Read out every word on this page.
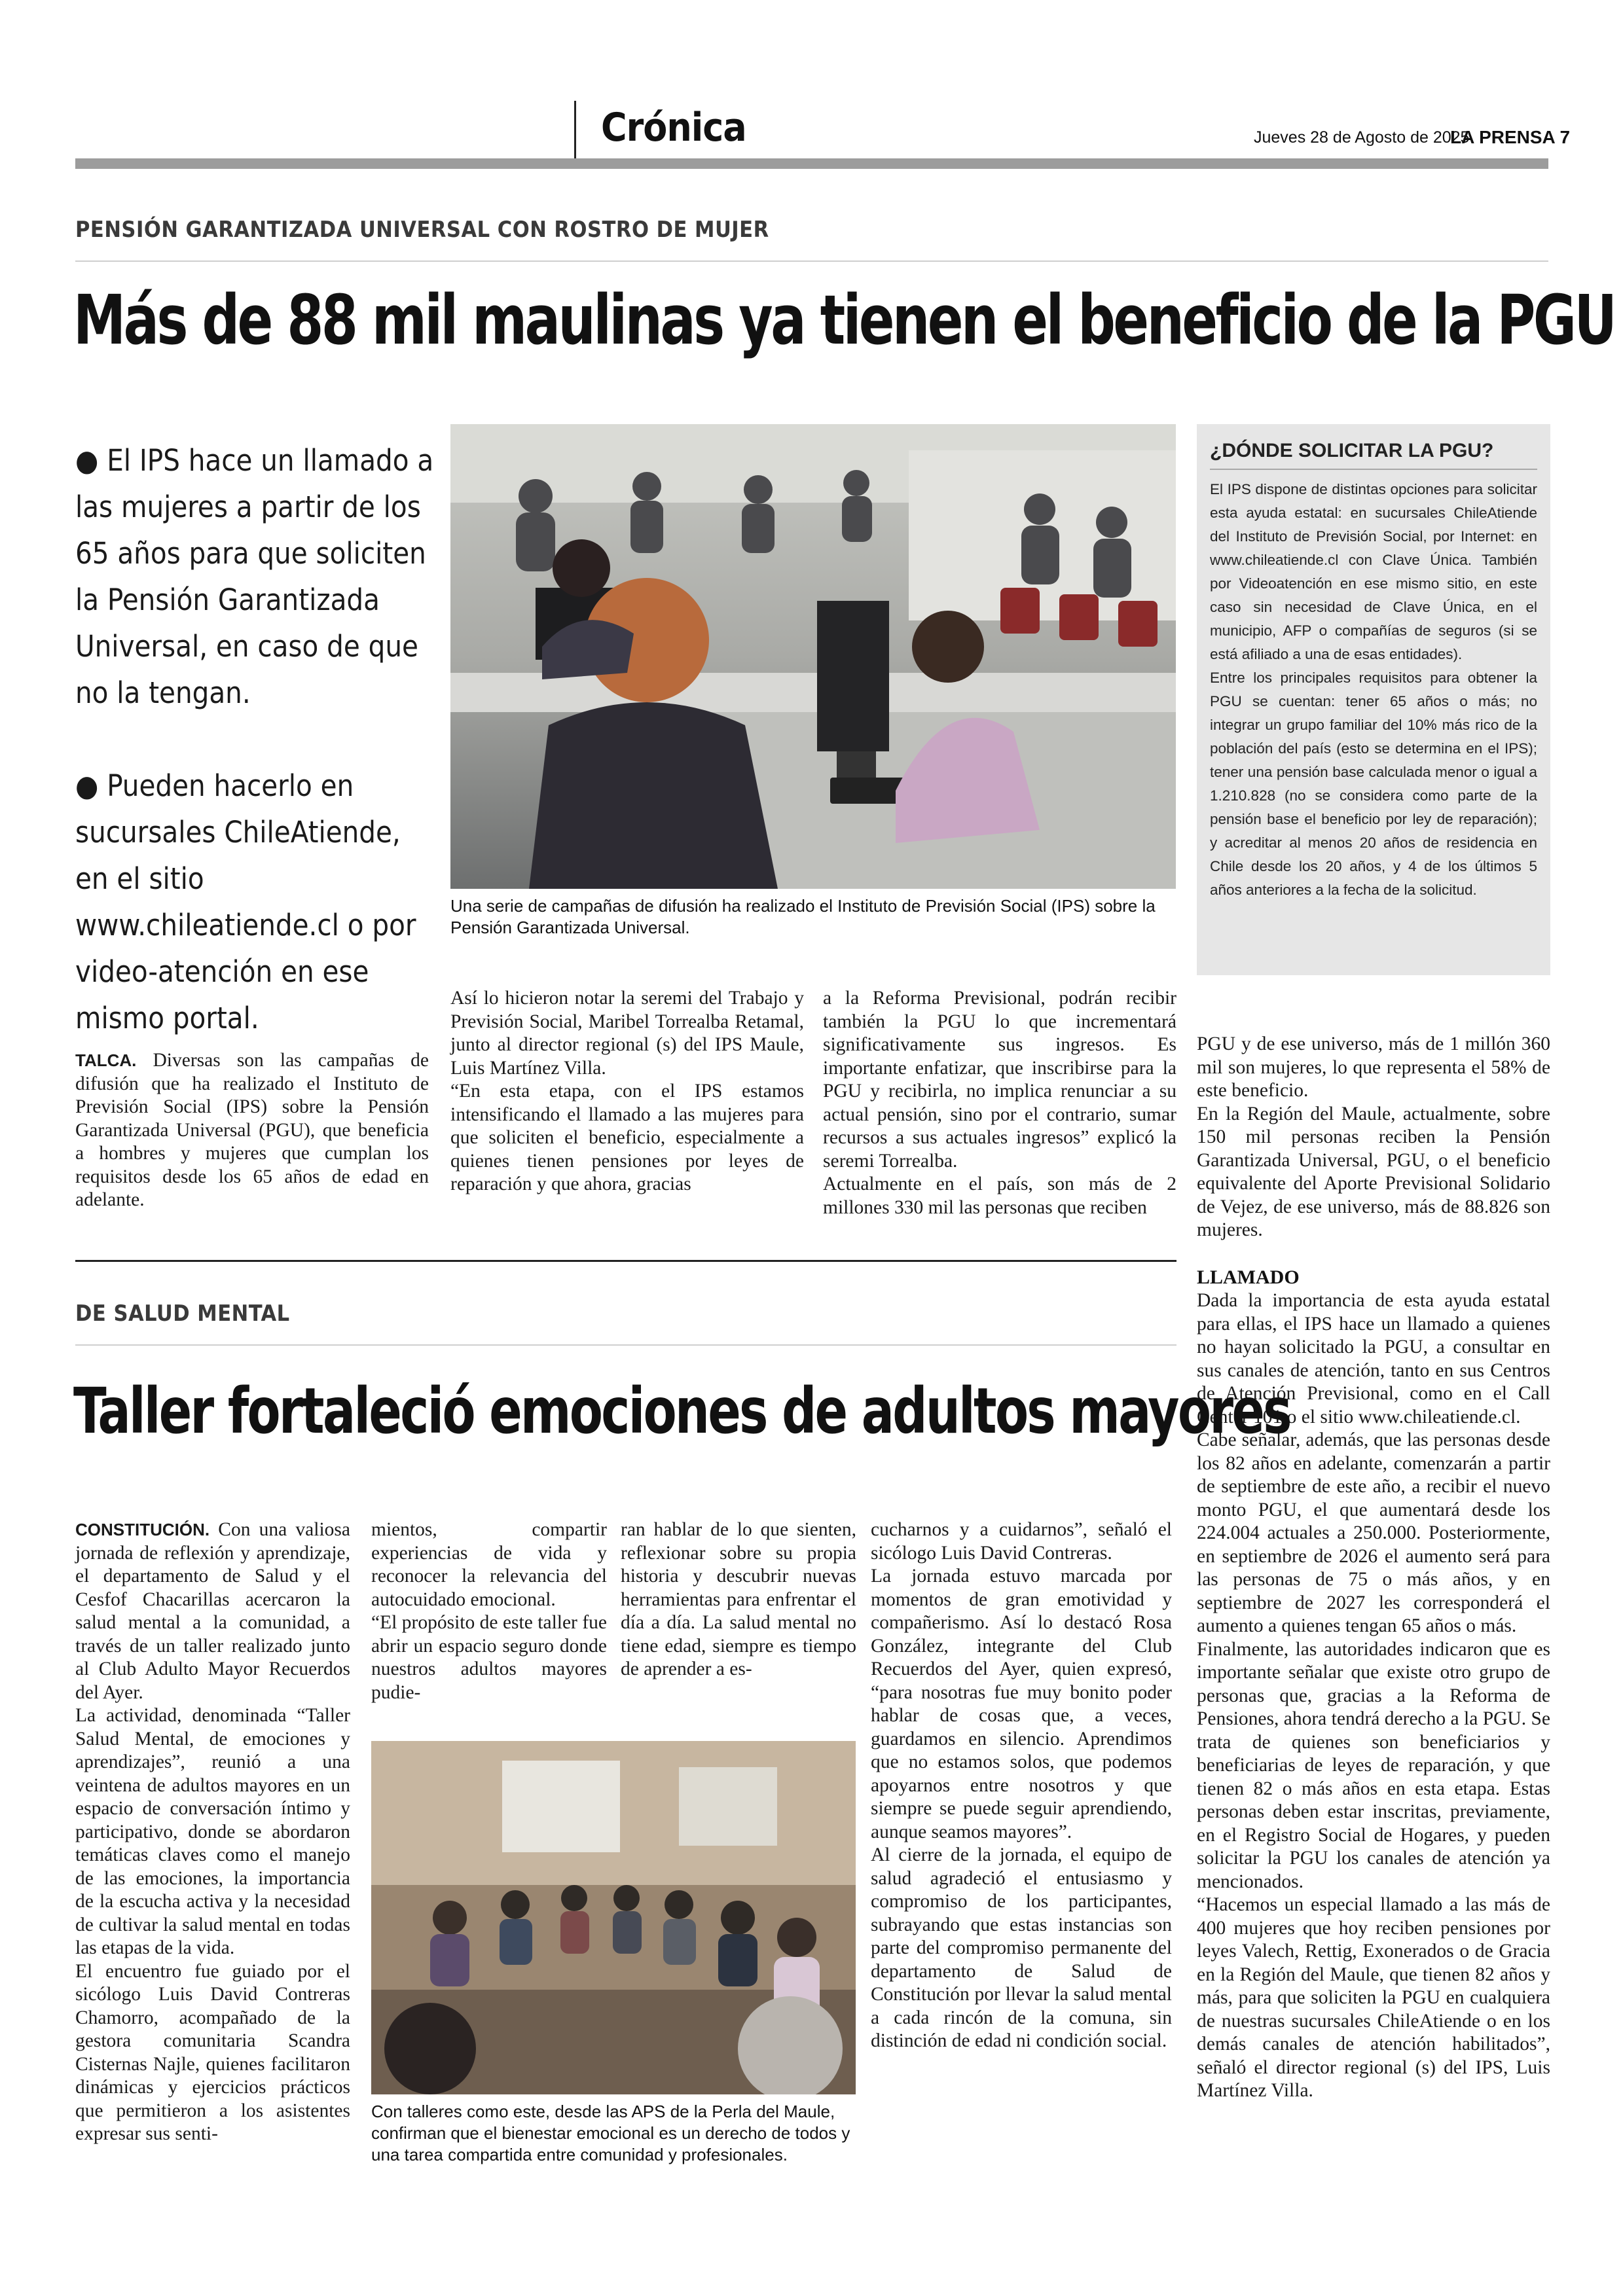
Crónica	Jueves 28 de Agosto de 2025
LA PRENSA 7
PENSIÓN GARANTIZADA UNIVERSAL CON ROSTRO DE MUJER
Más de 88 mil maulinas ya tienen el beneficio de la PGU
● El IPS hace un llamado a las mujeres a partir de los 65 años para que soliciten la Pensión Garantizada Universal, en caso de que no la tengan.
● Pueden hacerlo en sucursales ChileAtiende, en el sitio www.chileatiende.cl o por video-atención en ese mismo portal.
TALCA. Diversas son las campañas de difusión que ha realizado el Instituto de Previsión Social (IPS) sobre la Pensión Garantizada Universal (PGU), que beneficia a hombres y mujeres que cumplan los requisitos desde los 65 años de edad en adelante.
Una serie de campañas de difusión ha realizado el Instituto de Previsión Social (IPS) sobre la Pensión Garantizada Universal.
Así lo hicieron notar la seremi del Trabajo y Previsión Social, Maribel Torrealba Retamal, junto al director regional (s) del IPS Maule, Luis Martínez Villa.
“En esta etapa, con el IPS estamos intensificando el llamado a las mujeres para que soliciten el beneficio, especialmente a quienes tienen pensiones por leyes de reparación y que ahora, gracias
a la Reforma Previsional, podrán recibir también la PGU lo que incrementará significativamente sus ingresos. Es importante enfatizar, que inscribirse para la PGU y recibirla, no implica renunciar a su actual pensión, sino por el contrario, sumar recursos a sus actuales ingresos” explicó la seremi Torrealba.
Actualmente en el país, son más de 2 millones 330 mil las personas que reciben
PGU y de ese universo, más de 1 millón 360 mil son mujeres, lo que representa el 58% de este beneficio.
En la Región del Maule, actualmente, sobre 150 mil personas reciben la Pensión Garantizada Universal, PGU, o el beneficio equivalente del Aporte Previsional Solidario de Vejez, de ese universo, más de 88.826 son mujeres.
¿DÓNDE SOLICITAR LA PGU?
El IPS dispone de distintas opciones para solicitar esta ayuda estatal: en sucursales ChileAtiende del Instituto de Previsión Social, por Internet: en www.chileatiende.cl con Clave Única. También por Videoatención en ese mismo sitio, en este caso sin necesidad de Clave Única, en el municipio, AFP o compañías de seguros (si se está afiliado a una de esas entidades).
Entre los principales requisitos para obtener la PGU se cuentan: tener 65 años o más; no integrar un grupo familiar del 10% más rico de la población del país (esto se determina en el IPS); tener una pensión base calculada menor o igual a 1.210.828 (no se considera como parte de la pensión base el beneficio por ley de reparación); y acreditar al menos 20 años de residencia en Chile desde los 20 años, y 4 de los últimos 5 años anteriores a la fecha de la solicitud.
LLAMADO
Dada la importancia de esta ayuda estatal para ellas, el IPS hace un llamado a quienes no hayan solicitado la PGU, a consultar en sus canales de atención, tanto en sus Centros de Atención Previsional, como en el Call Center 101 o el sitio www.chileatiende.cl.
Cabe señalar, además, que las personas desde los 82 años en adelante, comenzarán a partir de septiembre de este año, a recibir el nuevo monto PGU, el que aumentará desde los 224.004 actuales a 250.000. Posteriormente, en septiembre de 2026 el aumento será para las personas de 75 o más años, y en septiembre de 2027 les corresponderá el aumento a quienes tengan 65 años o más.
Finalmente, las autoridades indicaron que es importante señalar que existe otro grupo de personas que, gracias a la Reforma de Pensiones, ahora tendrá derecho a la PGU. Se trata de quienes son beneficiarios y beneficiarias de leyes de reparación, y que tienen 82 o más años en esta etapa. Estas personas deben estar inscritas, previamente, en el Registro Social de Hogares, y pueden solicitar la PGU los canales de atención ya mencionados.
“Hacemos un especial llamado a las más de 400 mujeres que hoy reciben pensiones por leyes Valech, Rettig, Exonerados o de Gracia en la Región del Maule, que tienen 82 años y más, para que soliciten la PGU en cualquiera de nuestras sucursales ChileAtiende o en los demás canales de atención habilitados”, señaló el director regional (s) del IPS, Luis Martínez Villa.
DE SALUD MENTAL
Taller fortaleció emociones de adultos mayores
CONSTITUCIÓN. Con una valiosa jornada de reflexión y aprendizaje, el departamento de Salud y el Cesfof Chacarillas acercaron la salud mental a la comunidad, a través de un taller realizado junto al Club Adulto Mayor Recuerdos del Ayer.
La actividad, denominada “Taller Salud Mental, de emociones y aprendizajes”, reunió a una veintena de adultos mayores en un espacio de conversación íntimo y participativo, donde se abordaron temáticas claves como el manejo de las emociones, la importancia de la escucha activa y la necesidad de cultivar la salud mental en todas las etapas de la vida.
El encuentro fue guiado por el sicólogo Luis David Contreras Chamorro, acompañado de la gestora comunitaria Scandra Cisternas Najle, quienes facilitaron dinámicas y ejercicios prácticos que permitieron a los asistentes expresar sus senti-
mientos, compartir experiencias de vida y reconocer la relevancia del autocuidado emocional.
“El propósito de este taller fue abrir un espacio seguro donde nuestros adultos mayores pudie-
ran hablar de lo que sienten, reflexionar sobre su propia historia y descubrir nuevas herramientas para enfrentar el día a día. La salud mental no tiene edad, siempre es tiempo de aprender a es-
cucharnos y a cuidarnos”, señaló el sicólogo Luis David Contreras.
La jornada estuvo marcada por momentos de gran emotividad y compañerismo. Así lo destacó Rosa González, integrante del Club Recuerdos del Ayer, quien expresó, “para nosotras fue muy bonito poder hablar de cosas que, a veces, guardamos en silencio. Aprendimos que no estamos solos, que podemos apoyarnos entre nosotros y que siempre se puede seguir aprendiendo, aunque seamos mayores”.
Al cierre de la jornada, el equipo de salud agradeció el entusiasmo y compromiso de los participantes, subrayando que estas instancias son parte del compromiso permanente del departamento de Salud de Constitución por llevar la salud mental a cada rincón de la comuna, sin distinción de edad ni condición social.
Con talleres como este, desde las APS de la Perla del Maule, confirman que el bienestar emocional es un derecho de todos y una tarea compartida entre comunidad y profesionales.
